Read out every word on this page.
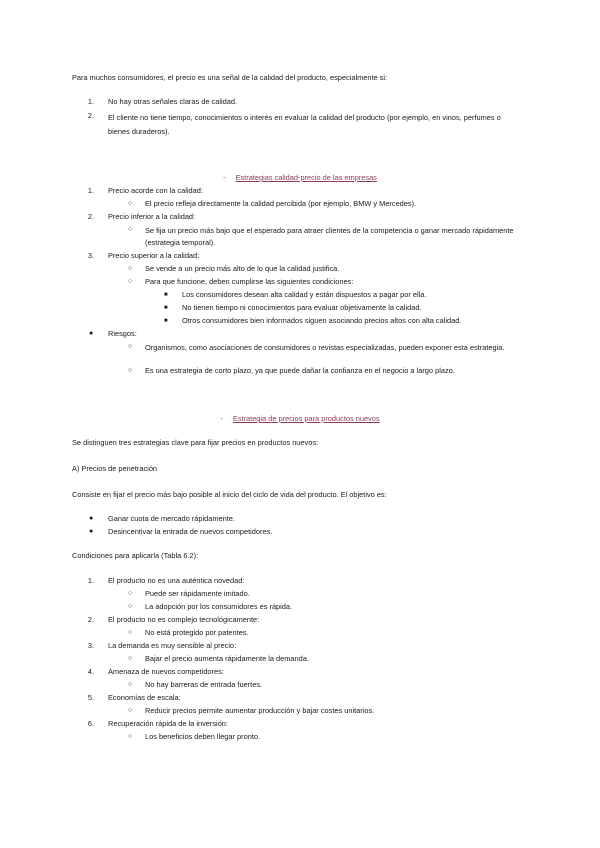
Para muchos consumidores, el precio es una señal de la calidad del producto, especialmente si:
1. No hay otras señales claras de calidad.
2. El cliente no tiene tiempo, conocimientos o interés en evaluar la calidad del producto (por ejemplo, en vinos, perfumes o bienes duraderos).
- Estrategias calidad-precio de las empresas
1. Precio acorde con la calidad:
○ El precio refleja directamente la calidad percibida (por ejemplo, BMW y Mercedes).
2. Precio inferior a la calidad:
○ Se fija un precio más bajo que el esperado para atraer clientes de la competencia o ganar mercado rápidamente (estrategia temporal).
3. Precio superior a la calidad:
○ Se vende a un precio más alto de lo que la calidad justifica.
○ Para que funcione, deben cumplirse las siguientes condiciones:
■ Los consumidores desean alta calidad y están dispuestos a pagar por ella.
■ No tienen tiempo ni conocimientos para evaluar objetivamente la calidad.
■ Otros consumidores bien informados siguen asociando precios altos con alta calidad.
● Riesgos:
○ Organismos, como asociaciones de consumidores o revistas especializadas, pueden exponer esta estrategia.
○ Es una estrategia de corto plazo, ya que puede dañar la confianza en el negocio a largo plazo.
- Estrategia de precios para productos nuevos
Se distinguen tres estrategias clave para fijar precios en productos nuevos:
A) Precios de penetración
Consiste en fijar el precio más bajo posible al inicio del ciclo de vida del producto. El objetivo es:
● Ganar cuota de mercado rápidamente.
● Desincentivar la entrada de nuevos competidores.
Condiciones para aplicarla (Tabla 6.2):
1. El producto no es una auténtica novedad:
○ Puede ser rápidamente imitado.
○ La adopción por los consumidores es rápida.
2. El producto no es complejo tecnológicamente:
○ No está protegido por patentes.
3. La demanda es muy sensible al precio:
○ Bajar el precio aumenta rápidamente la demanda.
4. Amenaza de nuevos competidores:
○ No hay barreras de entrada fuertes.
5. Economías de escala:
○ Reducir precios permite aumentar producción y bajar costes unitarios.
6. Recuperación rápida de la inversión:
○ Los beneficios deben llegar pronto.
